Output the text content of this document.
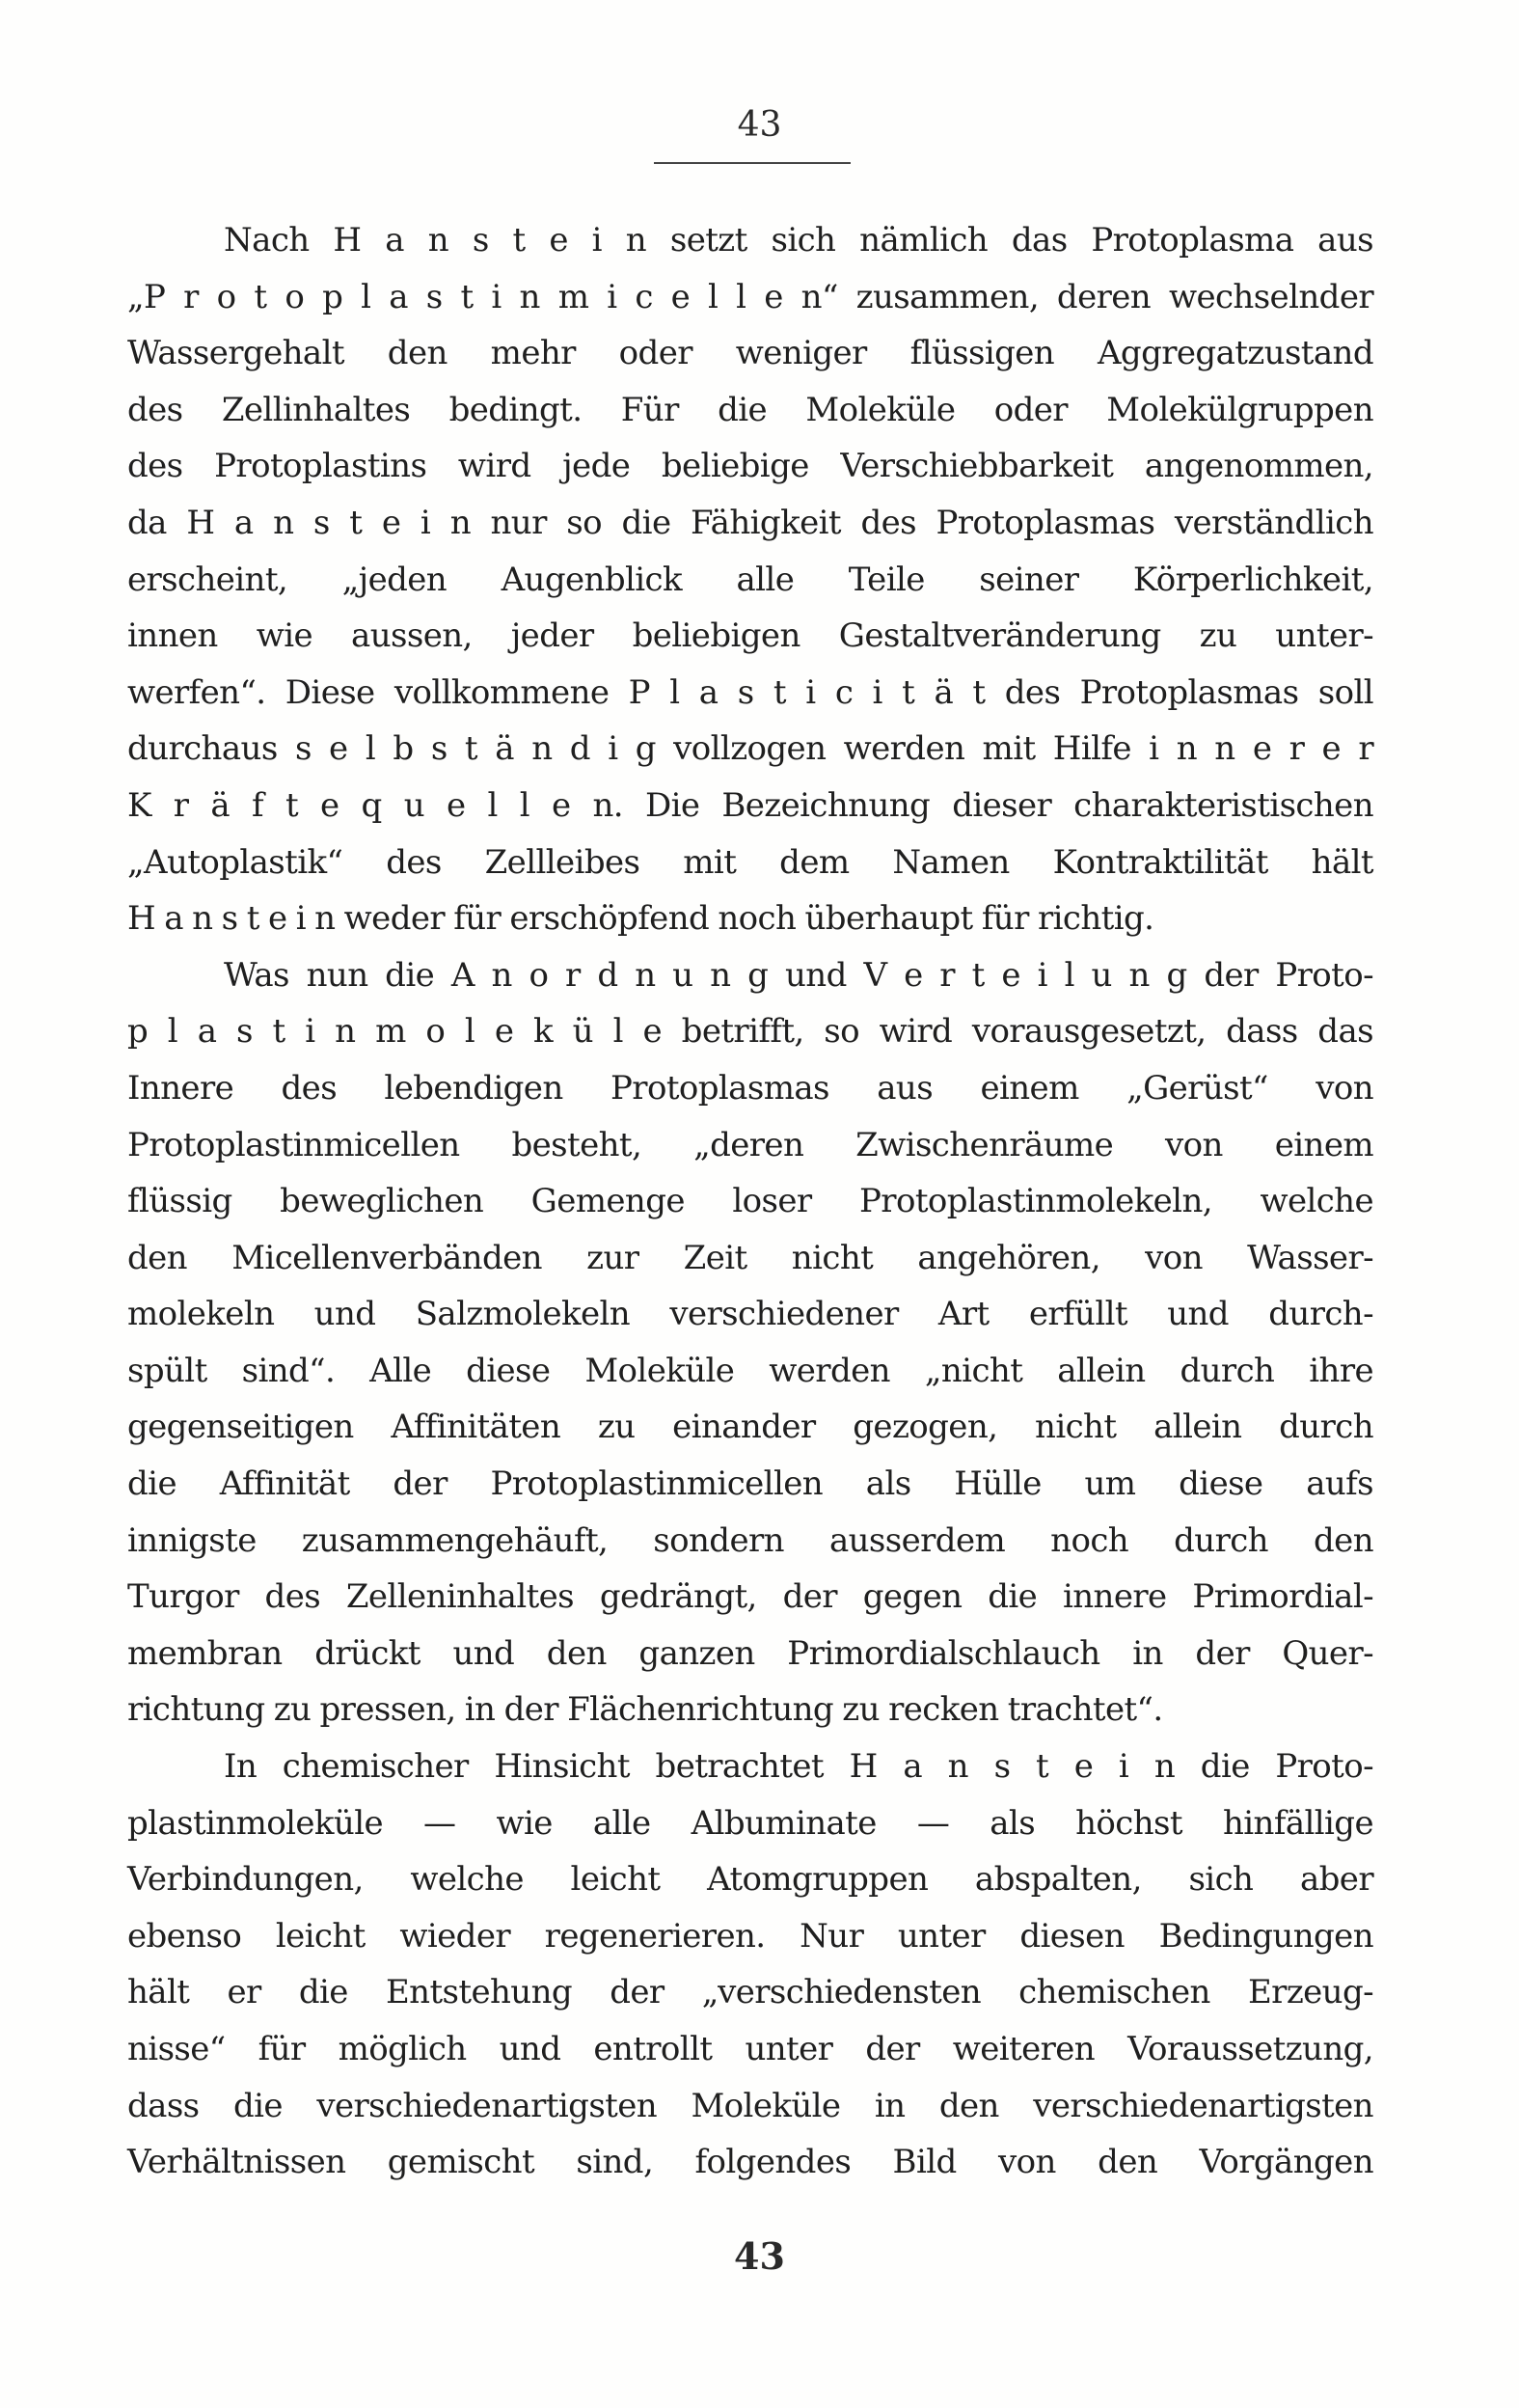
43
Nach H a n s t e i n setzt sich nämlich das Protoplasma aus
„P r o t o p l a s t i n m i c e l l e n“ zusammen, deren wechselnder
Wassergehalt den mehr oder weniger flüssigen Aggregatzustand
des Zellinhaltes bedingt. Für die Moleküle oder Molekülgruppen
des Protoplastins wird jede beliebige Verschiebbarkeit angenommen,
da H a n s t e i n nur so die Fähigkeit des Protoplasmas verständlich
erscheint, „jeden Augenblick alle Teile seiner Körperlichkeit,
innen wie aussen, jeder beliebigen Gestaltveränderung zu unter-
werfen“. Diese vollkommene P l a s t i c i t ä t des Protoplasmas soll
durchaus s e l b s t ä n d i g vollzogen werden mit Hilfe i n n e r e r
K r ä f t e q u e l l e n. Die Bezeichnung dieser charakteristischen
„Autoplastik“ des Zellleibes mit dem Namen Kontraktilität hält
H a n s t e i n weder für erschöpfend noch überhaupt für richtig.
Was nun die A n o r d n u n g und V e r t e i l u n g der Proto-
p l a s t i n m o l e k ü l e betrifft, so wird vorausgesetzt, dass das
Innere des lebendigen Protoplasmas aus einem „Gerüst“ von
Protoplastinmicellen besteht, „deren Zwischenräume von einem
flüssig beweglichen Gemenge loser Protoplastinmolekeln, welche
den Micellenverbänden zur Zeit nicht angehören, von Wasser-
molekeln und Salzmolekeln verschiedener Art erfüllt und durch-
spült sind“. Alle diese Moleküle werden „nicht allein durch ihre
gegenseitigen Affinitäten zu einander gezogen, nicht allein durch
die Affinität der Protoplastinmicellen als Hülle um diese aufs
innigste zusammengehäuft, sondern ausserdem noch durch den
Turgor des Zelleninhaltes gedrängt, der gegen die innere Primordial-
membran drückt und den ganzen Primordialschlauch in der Quer-
richtung zu pressen, in der Flächenrichtung zu recken trachtet“.
In chemischer Hinsicht betrachtet H a n s t e i n die Proto-
plastinmoleküle — wie alle Albuminate — als höchst hinfällige
Verbindungen, welche leicht Atomgruppen abspalten, sich aber
ebenso leicht wieder regenerieren. Nur unter diesen Bedingungen
hält er die Entstehung der „verschiedensten chemischen Erzeug-
nisse“ für möglich und entrollt unter der weiteren Voraussetzung,
dass die verschiedenartigsten Moleküle in den verschiedenartigsten
Verhältnissen gemischt sind, folgendes Bild von den Vorgängen
43
